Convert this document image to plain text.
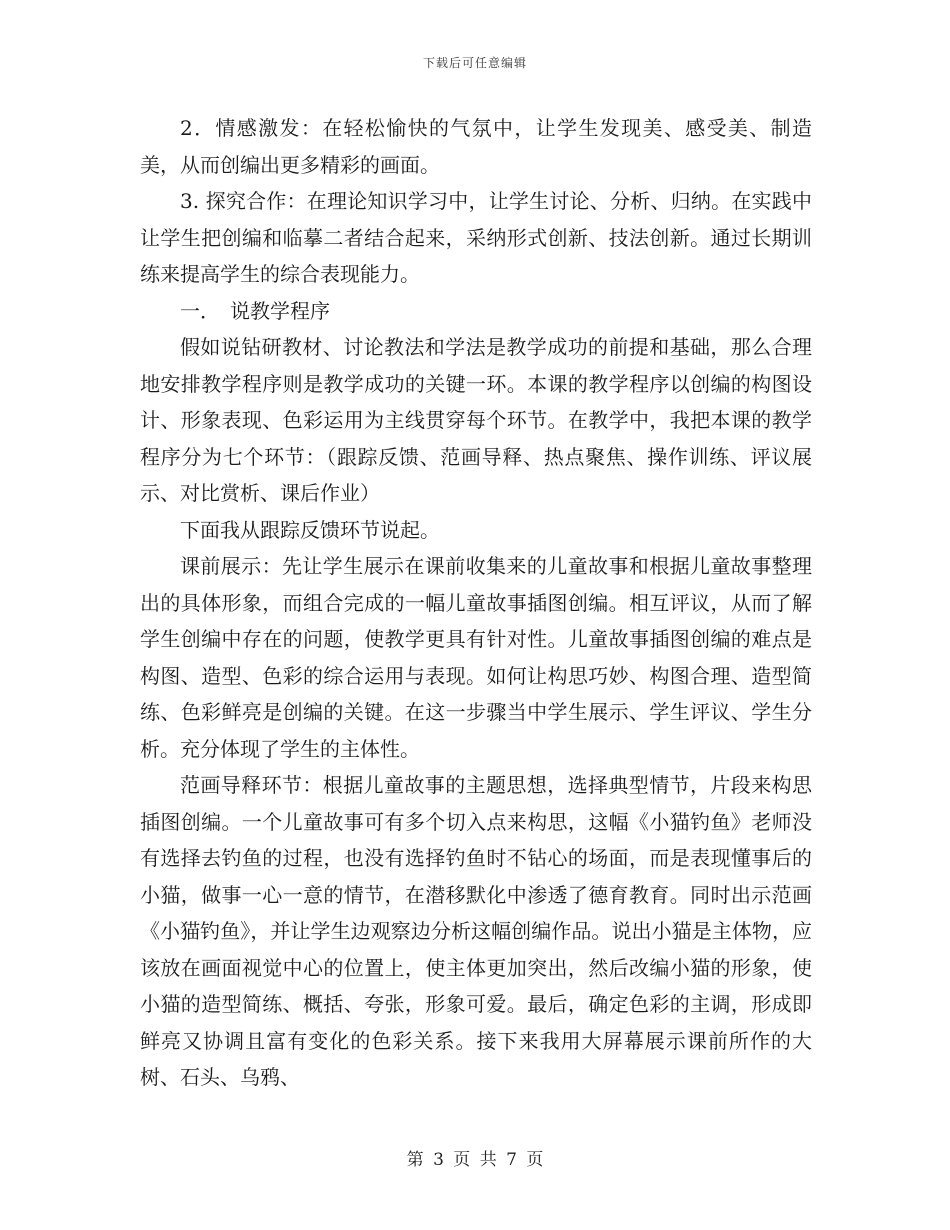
下载后可任意编辑

2．情感激发：在轻松愉快的气氛中，让学生发现美、感受美、制造美，从而创编出更多精彩的画面。

3. 探究合作：在理论知识学习中，让学生讨论、分析、归纳。在实践中让学生把创编和临摹二者结合起来，采纳形式创新、技法创新。通过长期训练来提高学生的综合表现能力。

一．　说教学程序

假如说钻研教材、讨论教法和学法是教学成功的前提和基础，那么合理地安排教学程序则是教学成功的关键一环。本课的教学程序以创编的构图设计、形象表现、色彩运用为主线贯穿每个环节。在教学中，我把本课的教学程序分为七个环节：（跟踪反馈、范画导释、热点聚焦、操作训练、评议展示、对比赏析、课后作业）

下面我从跟踪反馈环节说起。

课前展示：先让学生展示在课前收集来的儿童故事和根据儿童故事整理出的具体形象，而组合完成的一幅儿童故事插图创编。相互评议，从而了解学生创编中存在的问题，使教学更具有针对性。儿童故事插图创编的难点是构图、造型、色彩的综合运用与表现。如何让构思巧妙、构图合理、造型简练、色彩鲜亮是创编的关键。在这一步骤当中学生展示、学生评议、学生分析。充分体现了学生的主体性。

范画导释环节：根据儿童故事的主题思想，选择典型情节，片段来构思插图创编。一个儿童故事可有多个切入点来构思，这幅《小猫钓鱼》老师没有选择去钓鱼的过程，也没有选择钓鱼时不钻心的场面，而是表现懂事后的小猫，做事一心一意的情节，在潜移默化中渗透了德育教育。同时出示范画《小猫钓鱼》，并让学生边观察边分析这幅创编作品。说出小猫是主体物，应该放在画面视觉中心的位置上，使主体更加突出，然后改编小猫的形象，使小猫的造型简练、概括、夸张，形象可爱。最后，确定色彩的主调，形成即鲜亮又协调且富有变化的色彩关系。接下来我用大屏幕展示课前所作的大树、石头、乌鸦、

第 3 页 共 7 页
